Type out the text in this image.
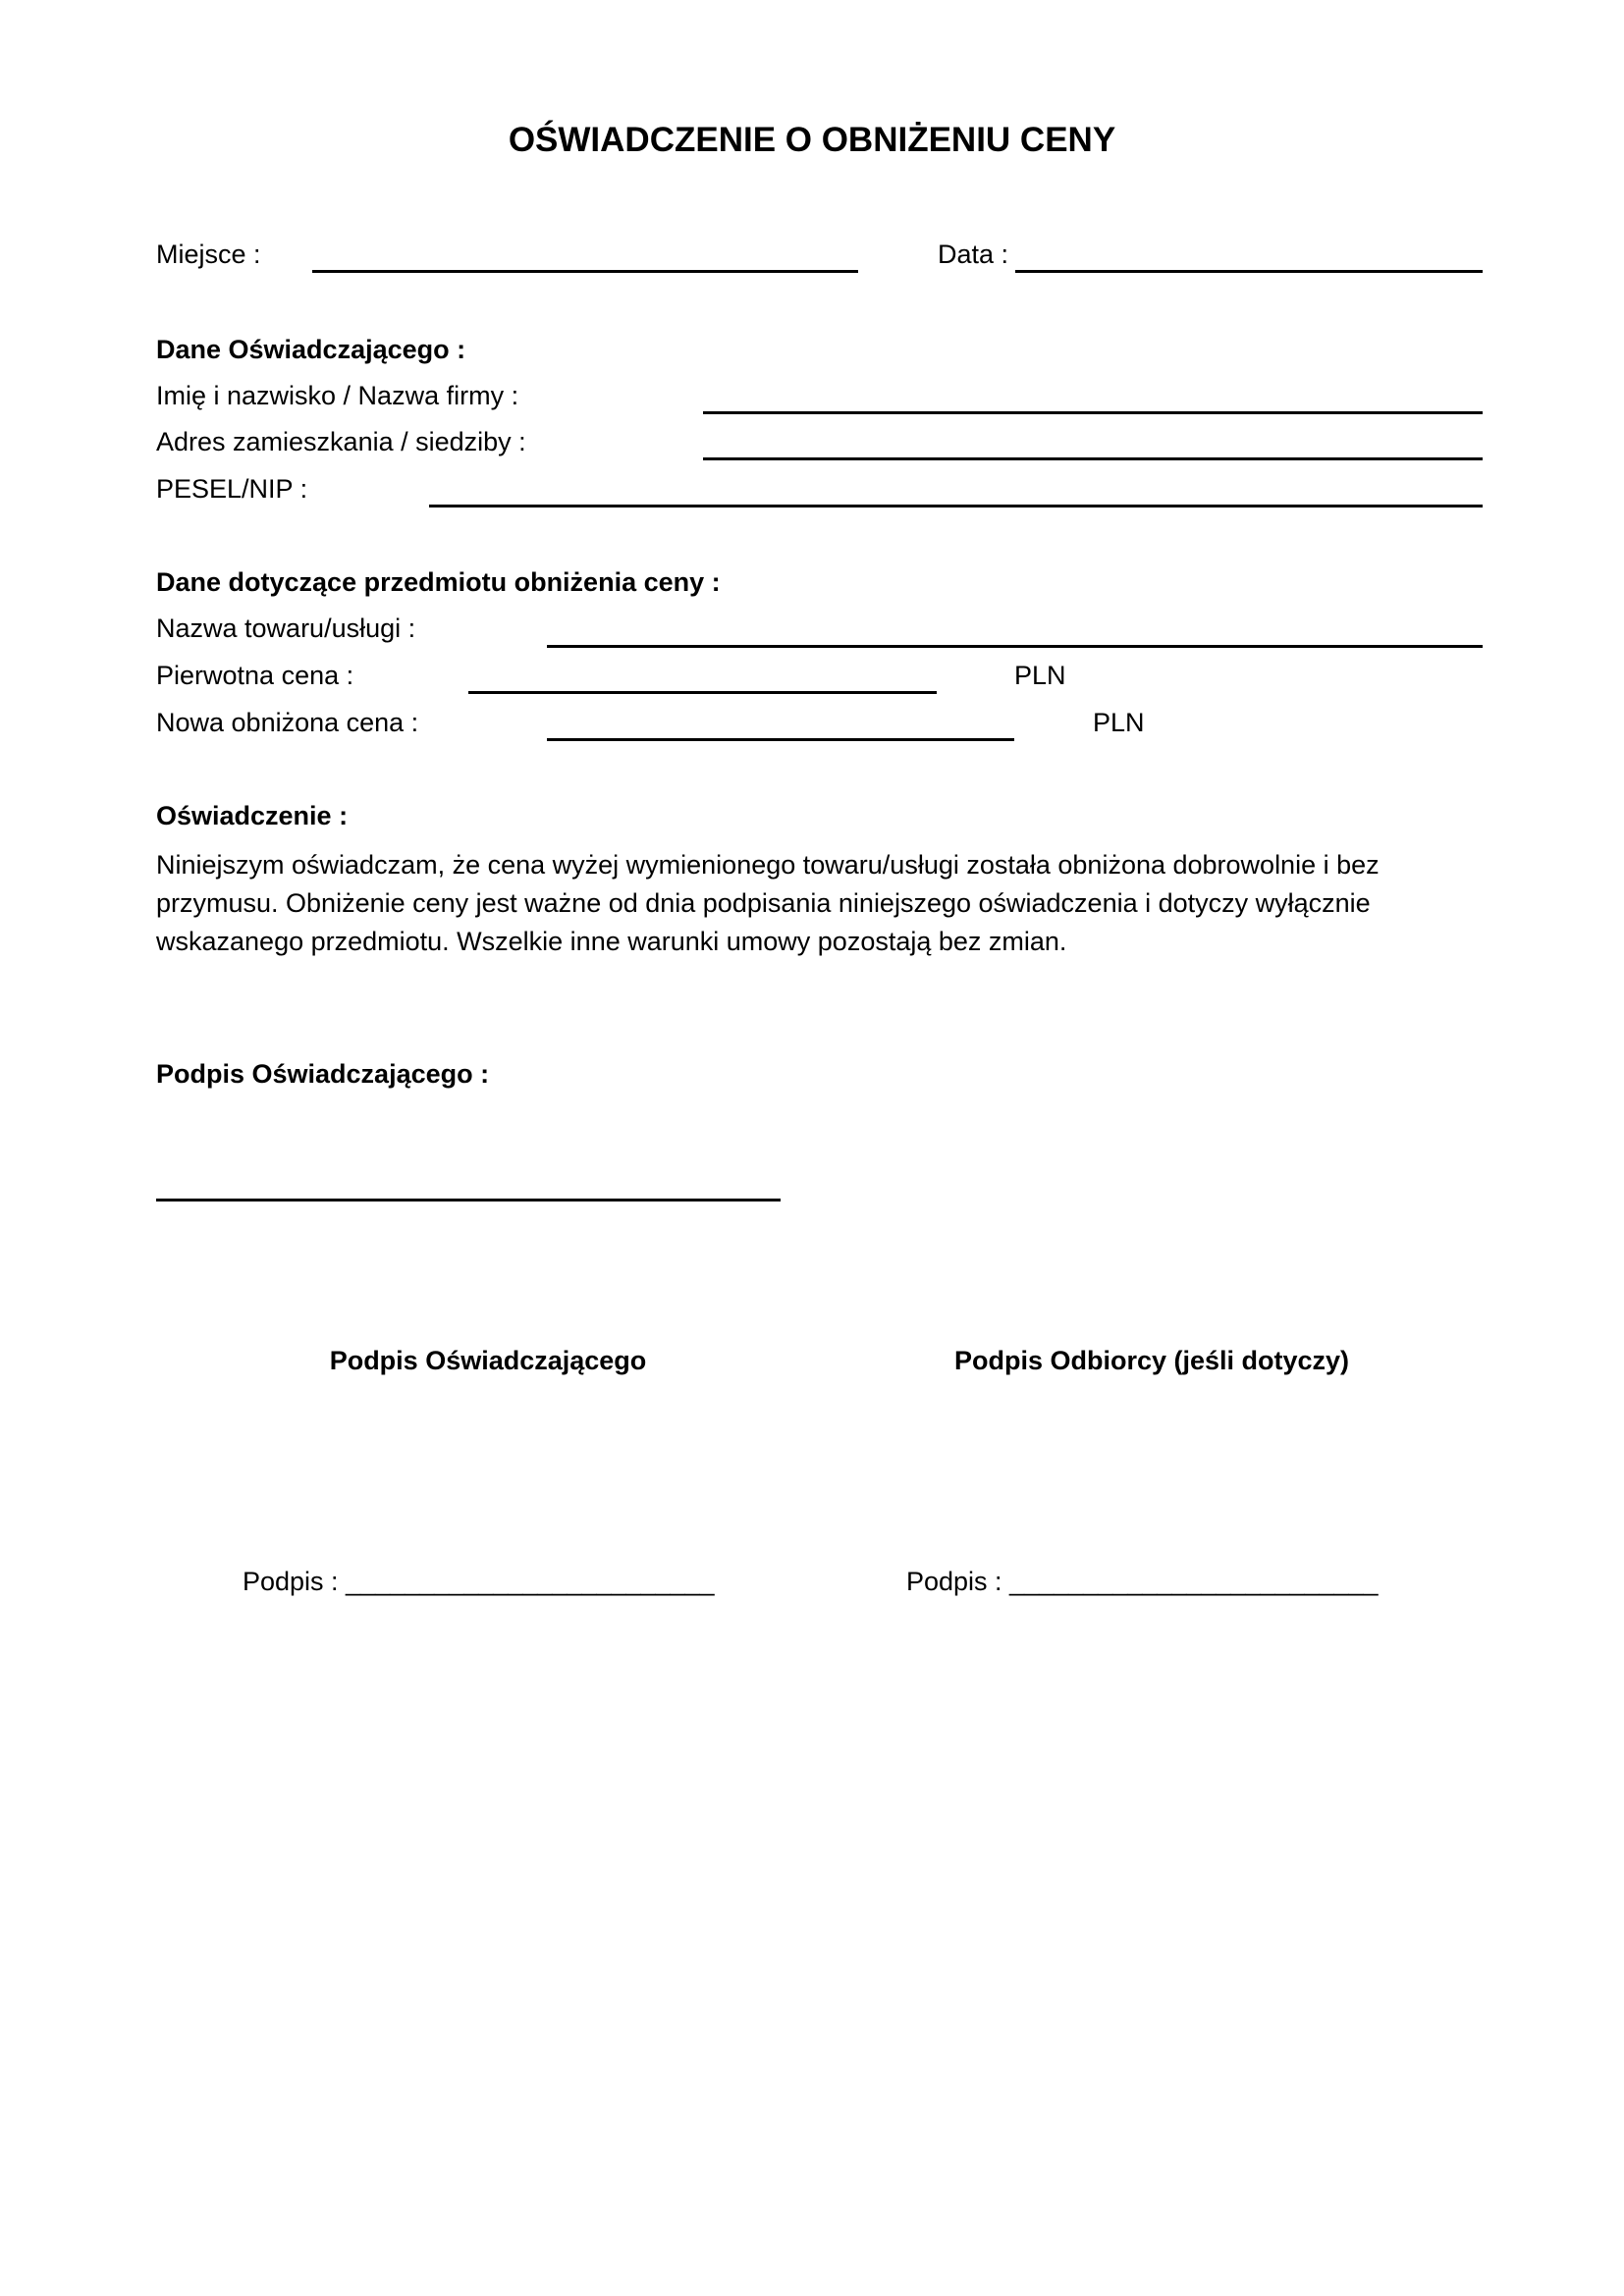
OŚWIADCZENIE O OBNIŻENIU CENY
Miejsce :	Data :
Dane Oświadczającego :
Imię i nazwisko / Nazwa firmy :
Adres zamieszkania / siedziby :
PESEL/NIP :
Dane dotyczące przedmiotu obniżenia ceny :
Nazwa towaru/usługi :
Pierwotna cena :	PLN
Nowa obniżona cena :	PLN
Oświadczenie :
Niniejszym oświadczam, że cena wyżej wymienionego towaru/usługi została obniżona dobrowolnie i bez
przymusu. Obniżenie ceny jest ważne od dnia podpisania niniejszego oświadczenia i dotyczy wyłącznie
wskazanego przedmiotu. Wszelkie inne warunki umowy pozostają bez zmian.
Podpis Oświadczającego :
Podpis Oświadczającego	Podpis Odbiorcy (jeśli dotyczy)
Podpis : _________________________	Podpis : _________________________
